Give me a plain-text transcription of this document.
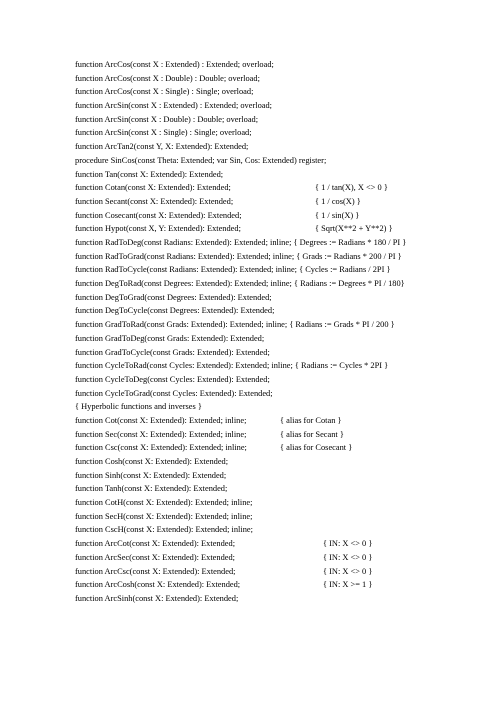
function ArcCos(const X : Extended) : Extended; overload;
function ArcCos(const X : Double) : Double; overload;
function ArcCos(const X : Single) : Single; overload;
function ArcSin(const X : Extended) : Extended; overload;
function ArcSin(const X : Double) : Double; overload;
function ArcSin(const X : Single) : Single; overload;
function ArcTan2(const Y, X: Extended): Extended;
procedure SinCos(const Theta: Extended; var Sin, Cos: Extended) register;
function Tan(const X: Extended): Extended;
function Cotan(const X: Extended): Extended;	{ 1 / tan(X), X <> 0 }
function Secant(const X: Extended): Extended;	{ 1 / cos(X) }
function Cosecant(const X: Extended): Extended;	{ 1 / sin(X) }
function Hypot(const X, Y: Extended): Extended;	{ Sqrt(X**2 + Y**2) }
function RadToDeg(const Radians: Extended): Extended; inline; { Degrees := Radians * 180 / PI }
function RadToGrad(const Radians: Extended): Extended; inline; { Grads := Radians * 200 / PI }
function RadToCycle(const Radians: Extended): Extended; inline; { Cycles := Radians / 2PI }
function DegToRad(const Degrees: Extended): Extended; inline; { Radians := Degrees * PI / 180}
function DegToGrad(const Degrees: Extended): Extended;
function DegToCycle(const Degrees: Extended): Extended;
function GradToRad(const Grads: Extended): Extended; inline; { Radians := Grads * PI / 200 }
function GradToDeg(const Grads: Extended): Extended;
function GradToCycle(const Grads: Extended): Extended;
function CycleToRad(const Cycles: Extended): Extended; inline; { Radians := Cycles * 2PI }
function CycleToDeg(const Cycles: Extended): Extended;
function CycleToGrad(const Cycles: Extended): Extended;
{ Hyperbolic functions and inverses }
function Cot(const X: Extended): Extended; inline;	{ alias for Cotan }
function Sec(const X: Extended): Extended; inline;	{ alias for Secant }
function Csc(const X: Extended): Extended; inline;	{ alias for Cosecant }
function Cosh(const X: Extended): Extended;
function Sinh(const X: Extended): Extended;
function Tanh(const X: Extended): Extended;
function CotH(const X: Extended): Extended; inline;
function SecH(const X: Extended): Extended; inline;
function CscH(const X: Extended): Extended; inline;
function ArcCot(const X: Extended): Extended;	{ IN: X <> 0 }
function ArcSec(const X: Extended): Extended;	{ IN: X <> 0 }
function ArcCsc(const X: Extended): Extended;	{ IN: X <> 0 }
function ArcCosh(const X: Extended): Extended;	{ IN: X >= 1 }
function ArcSinh(const X: Extended): Extended;
